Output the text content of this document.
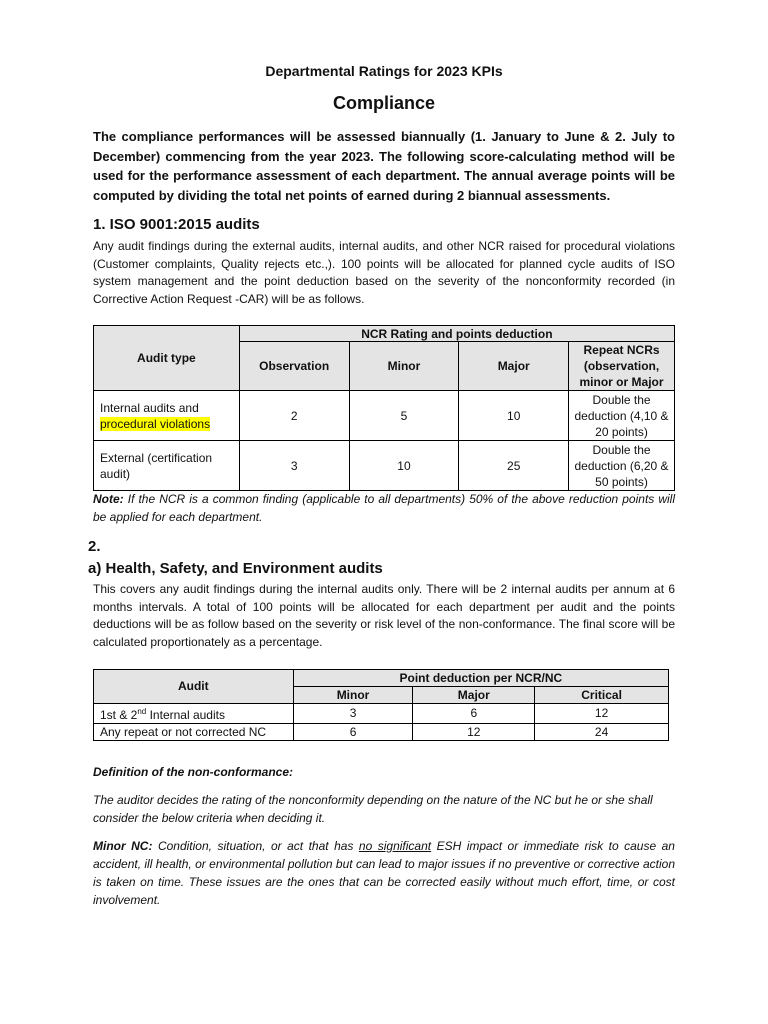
Departmental Ratings for 2023 KPIs
Compliance
The compliance performances will be assessed biannually (1. January to June & 2. July to December) commencing from the year 2023. The following score-calculating method will be used for the performance assessment of each department. The annual average points will be computed by dividing the total net points of earned during 2 biannual assessments.
1. ISO 9001:2015 audits
Any audit findings during the external audits, internal audits, and other NCR raised for procedural violations (Customer complaints, Quality rejects etc.,). 100 points will be allocated for planned cycle audits of ISO system management and the point deduction based on the severity of the nonconformity recorded (in Corrective Action Request -CAR) will be as follows.
Audit type	NCR Rating and points deduction			
	Observation	Minor	Major	Repeat NCRs (observation, minor or Major
Internal audits and
procedural violations	2	5	10	Double the deduction (4,10 & 20 points)
External (certification audit)	3	10	25	Double the deduction (6,20 & 50 points)
Note: If the NCR is a common finding (applicable to all departments) 50% of the above reduction points will be applied for each department.
2.
a) Health, Safety, and Environment audits
This covers any audit findings during the internal audits only. There will be 2 internal audits per annum at 6 months intervals. A total of 100 points will be allocated for each department per audit and the points deductions will be as follow based on the severity or risk level of the non-conformance. The final score will be calculated proportionately as a percentage.
Audit	Point deduction per NCR/NC		
	Minor	Major	Critical
1st & 2nd Internal audits	3	6	12
Any repeat or not corrected NC	6	12	24
Definition of the non-conformance:
The auditor decides the rating of the nonconformity depending on the nature of the NC but he or she shall consider the below criteria when deciding it.
Minor NC: Condition, situation, or act that has no significant ESH impact or immediate risk to cause an accident, ill health, or environmental pollution but can lead to major issues if no preventive or corrective action is taken on time. These issues are the ones that can be corrected easily without much effort, time, or cost involvement.
